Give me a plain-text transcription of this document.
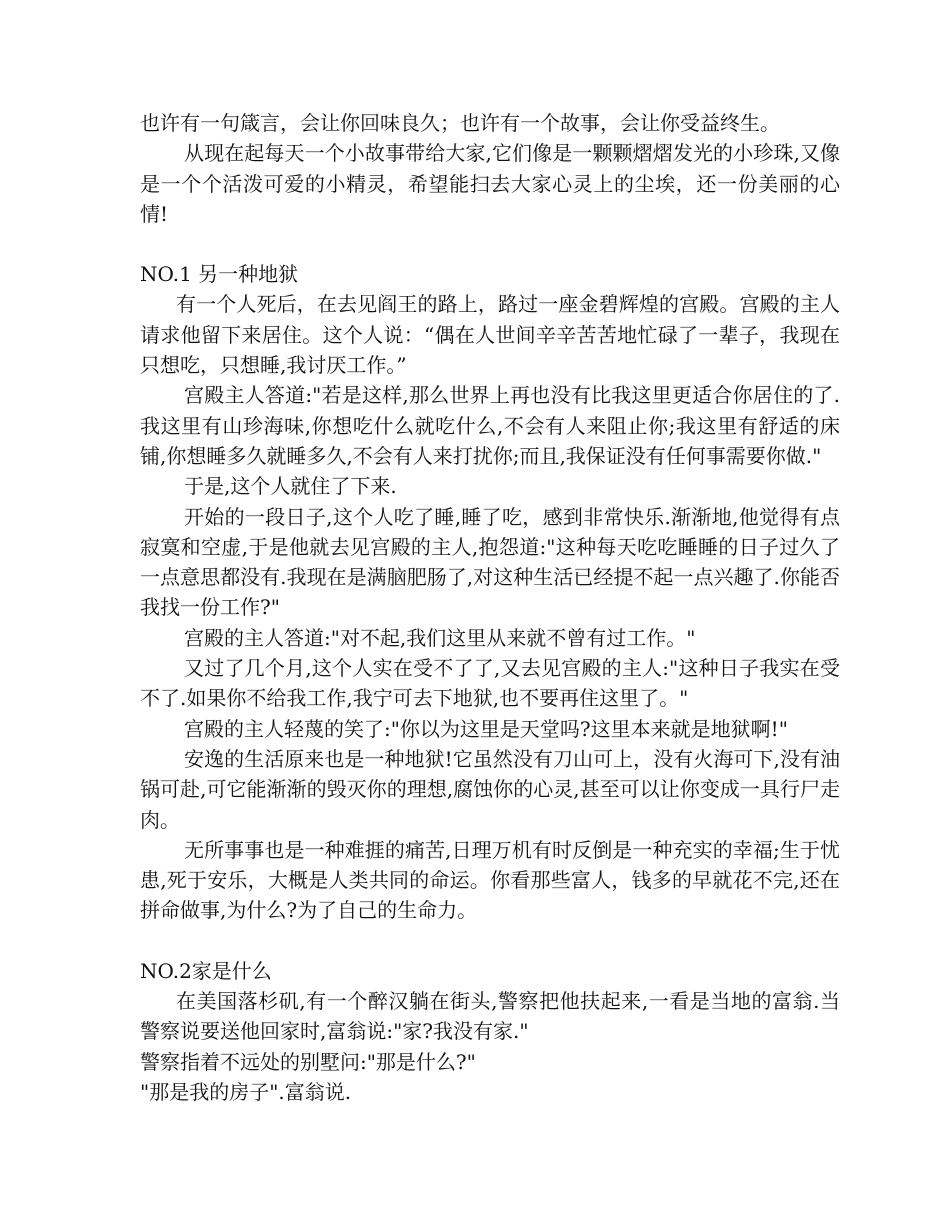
也许有一句箴言，会让你回味良久；也许有一个故事，会让你受益终生。

从现在起每天一个小故事带给大家,它们像是一颗颗熠熠发光的小珍珠,又像是一个个活泼可爱的小精灵，希望能扫去大家心灵上的尘埃，还一份美丽的心情!

NO.1 另一种地狱

有一个人死后，在去见阎王的路上，路过一座金碧辉煌的宫殿。宫殿的主人请求他留下来居住。这个人说：“偶在人世间辛辛苦苦地忙碌了一辈子，我现在只想吃，只想睡,我讨厌工作。”

宫殿主人答道:"若是这样,那么世界上再也没有比我这里更适合你居住的了.我这里有山珍海味,你想吃什么就吃什么,不会有人来阻止你;我这里有舒适的床铺,你想睡多久就睡多久,不会有人来打扰你;而且,我保证没有任何事需要你做."

于是,这个人就住了下来.

开始的一段日子,这个人吃了睡,睡了吃，感到非常快乐.渐渐地,他觉得有点寂寞和空虚,于是他就去见宫殿的主人,抱怨道:"这种每天吃吃睡睡的日子过久了一点意思都没有.我现在是满脑肥肠了,对这种生活已经提不起一点兴趣了.你能否我找一份工作?"

宫殿的主人答道:"对不起,我们这里从来就不曾有过工作。"

又过了几个月,这个人实在受不了了,又去见宫殿的主人:"这种日子我实在受不了.如果你不给我工作,我宁可去下地狱,也不要再住这里了。"

宫殿的主人轻蔑的笑了:"你以为这里是天堂吗?这里本来就是地狱啊!"

安逸的生活原来也是一种地狱!它虽然没有刀山可上，没有火海可下,没有油锅可赴,可它能渐渐的毁灭你的理想,腐蚀你的心灵,甚至可以让你变成一具行尸走肉。

无所事事也是一种难捱的痛苦,日理万机有时反倒是一种充实的幸福;生于忧患,死于安乐，大概是人类共同的命运。你看那些富人，钱多的早就花不完,还在拼命做事,为什么?为了自己的生命力。

NO.2家是什么

在美国落杉矶,有一个醉汉躺在街头,警察把他扶起来,一看是当地的富翁.当警察说要送他回家时,富翁说:"家?我没有家."

警察指着不远处的别墅问:"那是什么?"

"那是我的房子".富翁说.
